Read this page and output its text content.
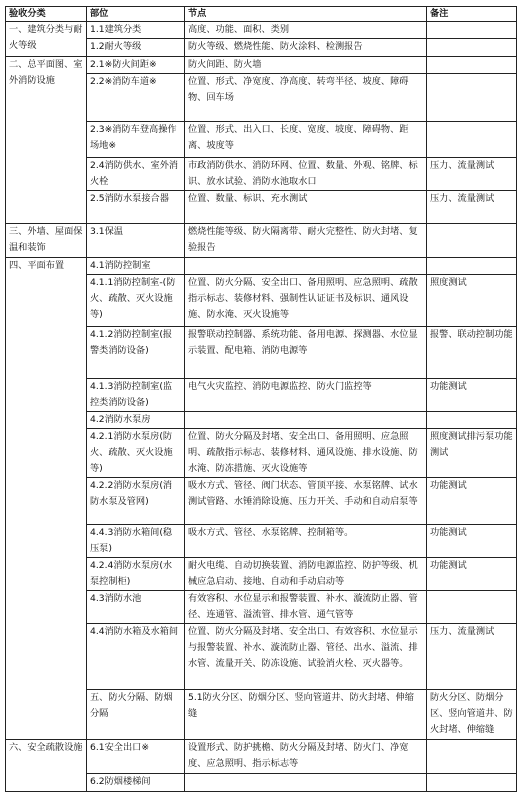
验收分类	部位	节点	备注	
一、建筑分类与耐火等级	1.1建筑分类	高度、功能、面积、类别		
	1.2耐火等级	防火等级、燃烧性能、防火涂料、检测报告		
二、总平面图、室外消防设施	2.1※防火间距※	防火间距、防火墙		
	2.2※消防车道※	位置、形式、净宽度、净高度、转弯半径、坡度、障碍物、回车场		
	2.3※消防车登高操作场地※	位置、形式、出入口、长度、宽度、坡度、障碍物、距离、坡度等		
	2.4消防供水、室外消火栓	市政消防供水、消防环网、位置、数量、外观、铭牌、标识、放水试验、消防水池取水口	压力、流量测试	
	2.5消防水泵接合器	位置、数量、标识、充水测试	压力、流量测试	
三、外墙、屋面保温和装饰	3.1保温	燃烧性能等级、防火隔离带、耐火完整性、防火封堵、复验报告		
四、平面布置	4.1消防控制室			
	4.1.1消防控制室-(防火、疏散、灭火设施等)	位置、防火分隔、安全出口、备用照明、应急照明、疏散指示标志、装修材料、强制性认证证书及标识、通风设施、防水淹、灭火设施等	照度测试	
	4.1.2消防控制室(报警类消防设备)	报警联动控制器、系统功能、备用电源、探测器、水位显示装置、配电箱、消防电源等	报警、联动控制功能	
	4.1.3消防控制室(监控类消防设备)	电气火灾监控、消防电源监控、防火门监控等	功能测试	
	4.2消防水泵房			
	4.2.1消防水泵房(防火、疏散、灭火设施等)	位置、防火分隔及封堵、安全出口、备用照明、应急照明、疏散指示标志、装修材料、通风设施、排水设施、防水淹、防冻措施、灭火设施等	照度测试排污泵功能测试	
	4.2.2消防水泵房(消防水泵及管网)	吸水方式、管径、阀门状态、管顶平接、水泵铭牌、试水测试管路、水锤消除设施、压力开关、手动和自动启泵等	功能测试	
	4.4.3消防水箱间(稳压泵)	吸水方式、管径、水泵铭牌、控制箱等。	功能测试	
	4.2.4消防水泵房(水泵控制柜)	耐火电缆、自动切换装置、消防电源监控、防护等级、机械应急启动、接地、自动和手动启动等	功能测试	
	4.3消防水池	有效容积、水位显示和报警装置、补水、漩流防止器、管径、连通管、溢流管、排水管、通气管等		
	4.4消防水箱及水箱间	位置、防火分隔及封堵、安全出口、有效容积、水位显示与报警装置、补水、漩流防止器、管径、出水、溢流、排水管、流量开关、防冻设施、试验消火栓、灭火器等。	压力、流量测试	
	五、防火分隔、防烟分隔	5.1防火分区、防烟分区、竖向管道井、防火封堵、伸缩缝	防火分区、防烟分区、竖向管道井、防火封堵、伸缩缝	
六、安全疏散设施	6.1安全出口※	设置形式、防护挑檐、防火分隔及封堵、防火门、净宽度、应急照明、指示标志等		
	6.2防烟楼梯间			
